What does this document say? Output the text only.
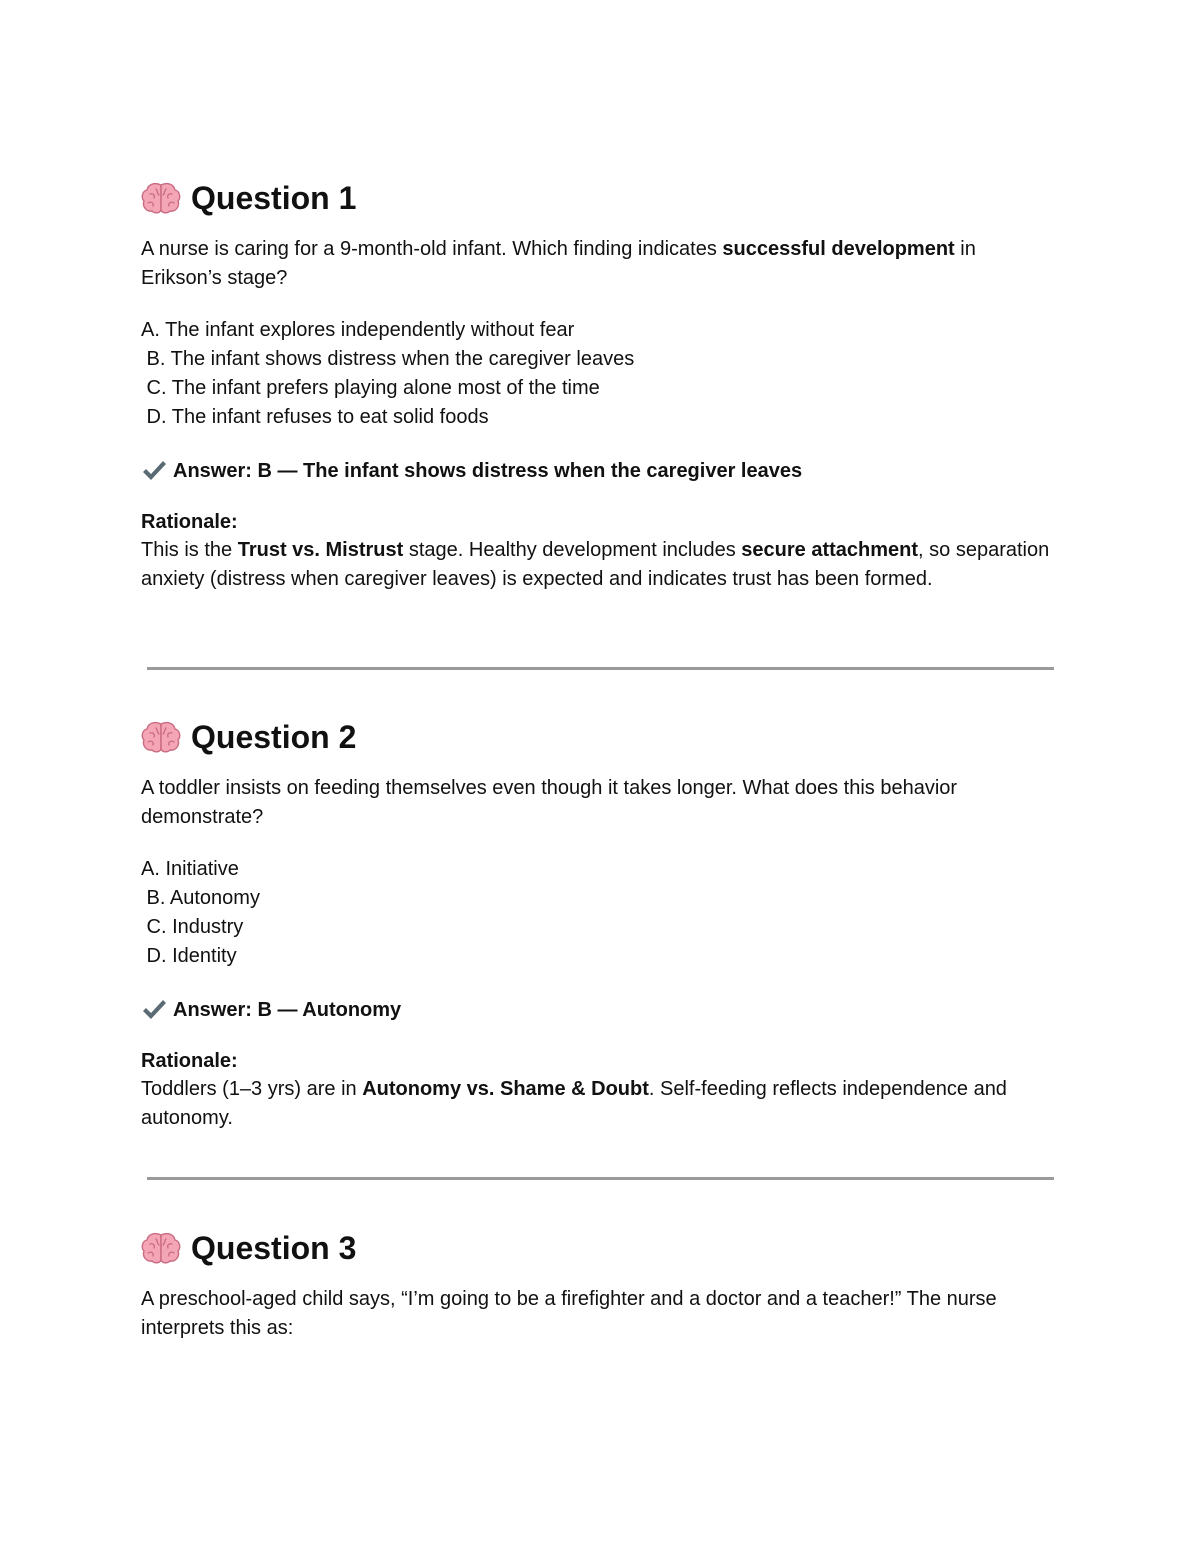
Question 1

A nurse is caring for a 9-month-old infant. Which finding indicates successful development in Erikson’s stage?

A. The infant explores independently without fear
B. The infant shows distress when the caregiver leaves
C. The infant prefers playing alone most of the time
D. The infant refuses to eat solid foods
Answer: B — The infant shows distress when the caregiver leaves
Rationale:
This is the Trust vs. Mistrust stage. Healthy development includes secure attachment, so separation anxiety (distress when caregiver leaves) is expected and indicates trust has been formed.
Question 2

A toddler insists on feeding themselves even though it takes longer. What does this behavior demonstrate?

A. Initiative
B. Autonomy
C. Industry
D. Identity
Answer: B — Autonomy
Rationale:
Toddlers (1–3 yrs) are in Autonomy vs. Shame & Doubt. Self-feeding reflects independence and autonomy.
Question 3

A preschool-aged child says, “I’m going to be a firefighter and a doctor and a teacher!” The nurse interprets this as:
